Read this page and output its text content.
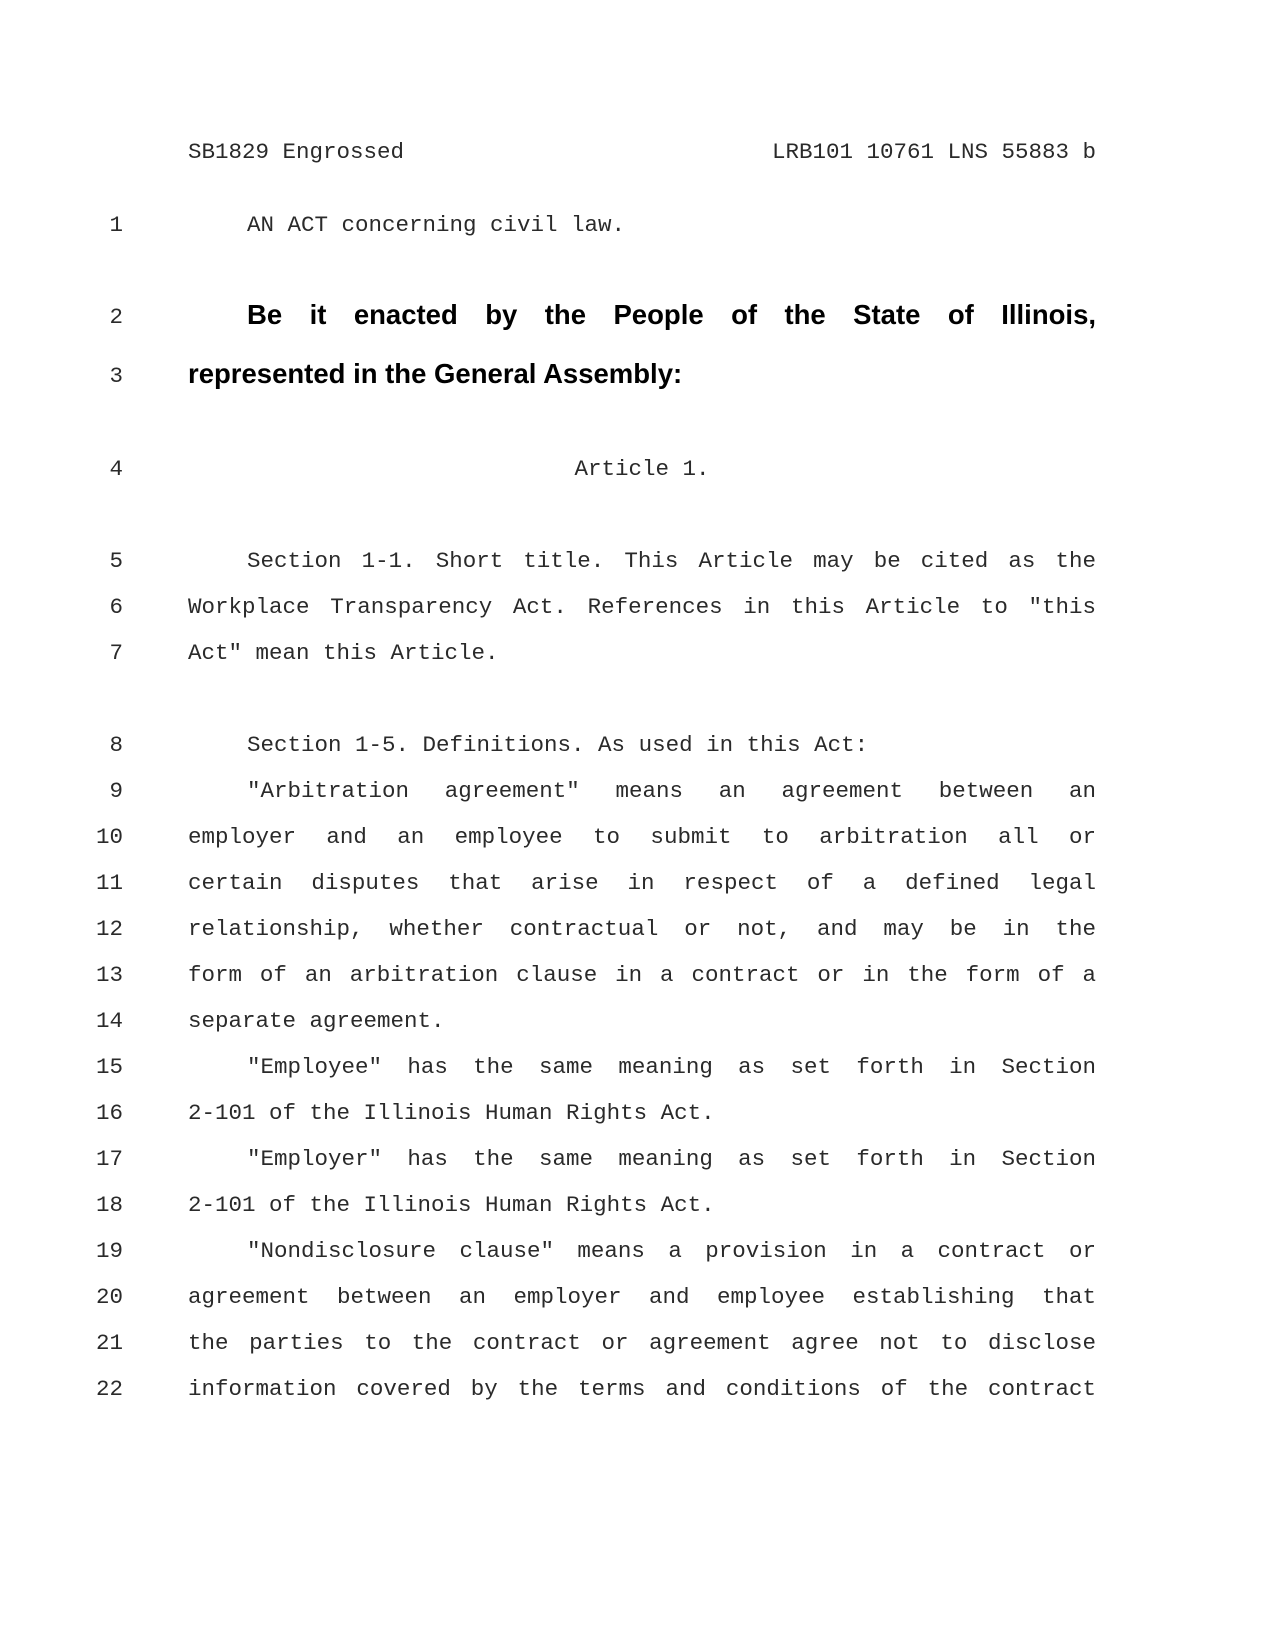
SB1829 Engrossed	LRB101 10761 LNS 55883 b
1	AN ACT concerning civil law.
2	Be it enacted by the People of the State of Illinois,
3 represented in the General Assembly:
4	Article 1.
5	Section 1-1. Short title. This Article may be cited as the
6	Workplace Transparency Act. References in this Article to "this
7	Act" mean this Article.
8	Section 1-5. Definitions. As used in this Act:
9	"Arbitration agreement" means an agreement between an
10	employer and an employee to submit to arbitration all or
11	certain disputes that arise in respect of a defined legal
12	relationship, whether contractual or not, and may be in the
13	form of an arbitration clause in a contract or in the form of a
14	separate agreement.
15	"Employee" has the same meaning as set forth in Section
16	2-101 of the Illinois Human Rights Act.
17	"Employer" has the same meaning as set forth in Section
18	2-101 of the Illinois Human Rights Act.
19	"Nondisclosure clause" means a provision in a contract or
20	agreement between an employer and employee establishing that
21	the parties to the contract or agreement agree not to disclose
22	information covered by the terms and conditions of the contract
